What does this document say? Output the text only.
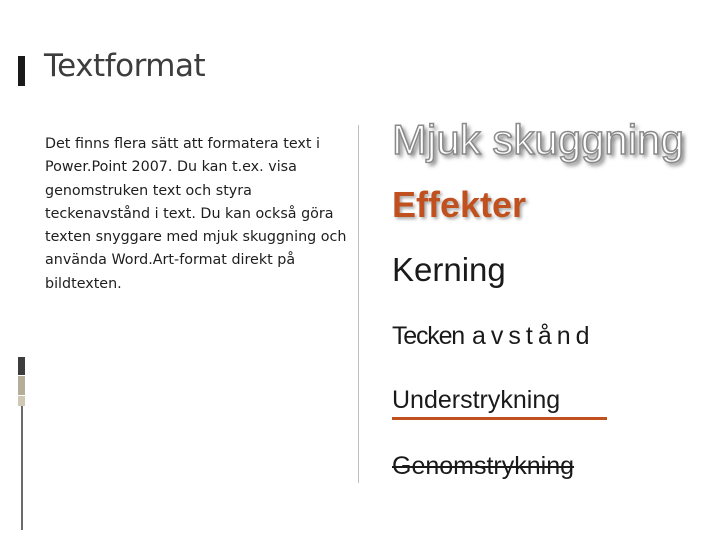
Textformat
Det finns flera sätt att formatera text i Power.Point 2007. Du kan t.ex. visa genomstruken text och styra teckenavstånd i text. Du kan också göra texten snyggare med mjuk skuggning och använda Word.Art-format direkt på bildtexten.
Mjuk skuggning
Effekter
Kerning
Tecken avstånd
Understrykning
Genomstrykning
